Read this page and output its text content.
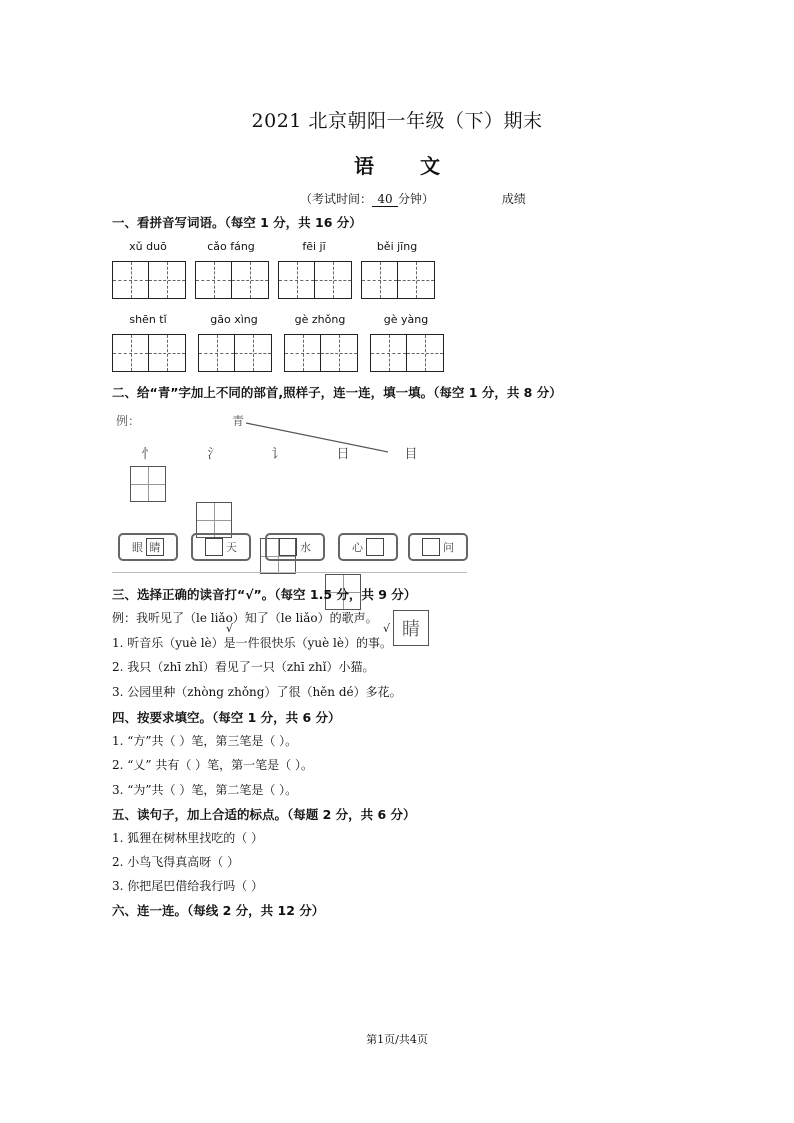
2021 北京朝阳一年级（下）期末
语 文
（考试时间： 40 分钟）	成绩
一、看拼音写词语。（每空 1 分，共 16 分）
xǔ duō	cǎo fáng	fēi jī	běi jīng
shēn tǐ	gāo xìng	gè zhǒng	gè yàng
二、给“青”字加上不同的部首,照样子，连一连，填一填。（每空 1 分，共 8 分）
例：	青
忄	氵	讠	日	目
睛
眼 睛	天	水	心	问
三、选择正确的读音打“√”。（每空 1.5 分，共 9 分）
例：我听见了（le liǎo）知了（le liǎo）的歌声。
√
1. 听音乐（yuè lè）是一件很快乐（yuè lè）的事。
√
2. 我只（zhī zhǐ）看见了一只（zhī zhǐ）小猫。
3. 公园里种（zhòng zhǒng）了很（hěn dé）多花。
四、按要求填空。（每空 1 分，共 6 分）
1. “方”共（ ）笔，第三笔是（ ）。
2. “乂” 共有（ ）笔，第一笔是（ ）。
3. “为”共（ ）笔，第二笔是（ ）。
五、读句子，加上合适的标点。（每题 2 分，共 6 分）
1. 狐狸在树林里找吃的（ ）
2. 小鸟飞得真高呀（ ）
3. 你把尾巴借给我行吗（ ）
六、连一连。（每线 2 分，共 12 分）
第1页/共4页
